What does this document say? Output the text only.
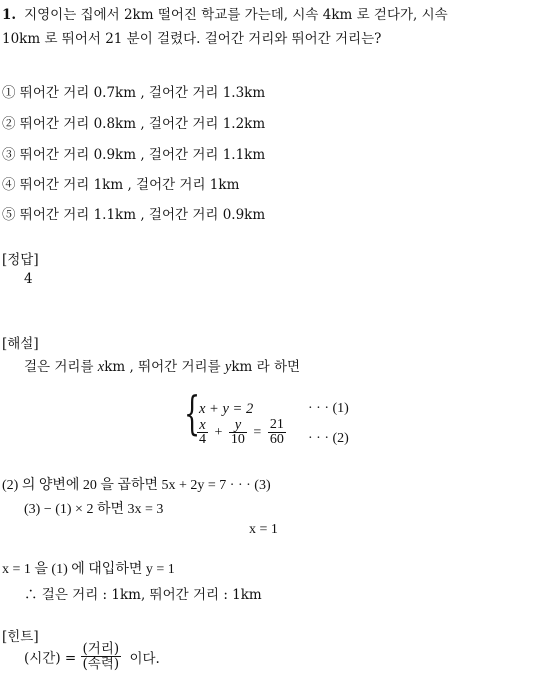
1. 지영이는 집에서 2km 떨어진 학교를 가는데, 시속 4km 로 걷다가, 시속
10km 로 뛰어서 21 분이 걸렸다. 걸어간 거리와 뛰어간 거리는?
① 뛰어간 거리 0.7km , 걸어간 거리 1.3km
② 뛰어간 거리 0.8km , 걸어간 거리 1.2km
③ 뛰어간 거리 0.9km , 걸어간 거리 1.1km
④ 뛰어간 거리 1km , 걸어간 거리 1km
⑤ 뛰어간 거리 1.1km , 걸어간 거리 0.9km
[정답]
4
[해설]
걸은 거리를 xkm , 뛰어간 거리를 ykm 라 하면
{
x + y = 2	· · · (1)
$\frac{x}{4} + \frac{y}{10} = \frac{21}{60}$ · · · (2)
(2) 의 양변에 20 을 곱하면 5x + 2y = 7 · · · (3)
(3) − (1) × 2 하면 3x = 3
x = 1
x = 1 을 (1) 에 대입하면 y = 1
∴ 걸은 거리 : 1km, 뛰어간 거리 : 1km
[힌트]
(시간) = $\frac{\text{(거리)}}{\text{(속력)}}$ 이다.
